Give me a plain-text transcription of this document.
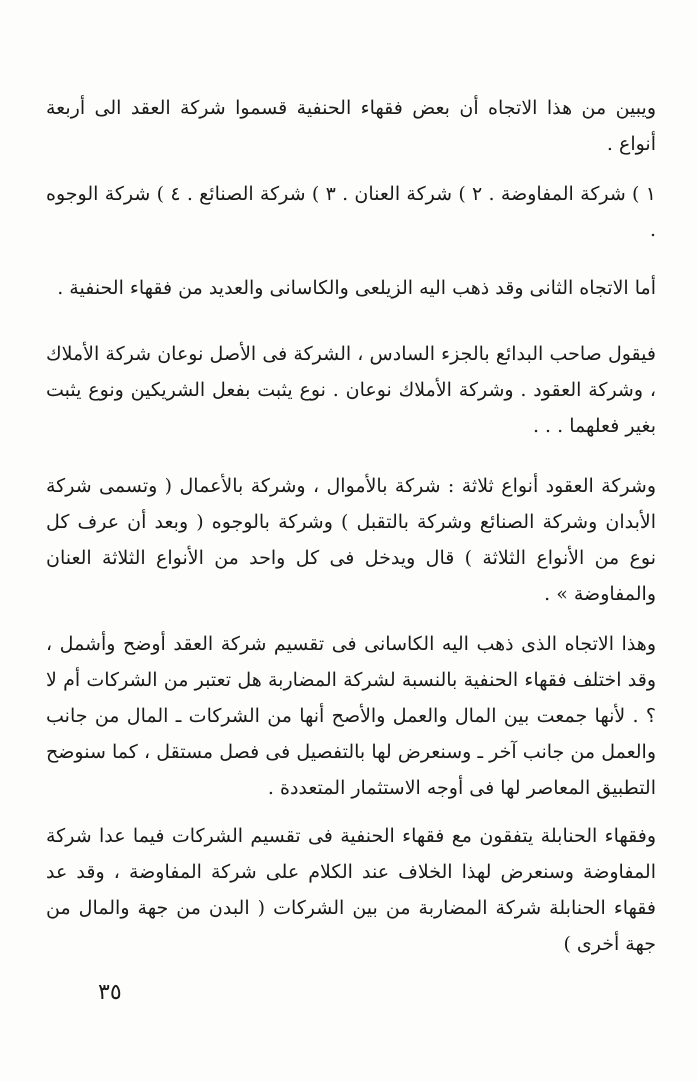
ويبين من هذا الاتجاه أن بعض فقهاء الحنفية قسموا شركة العقد الى أربعة أنواع .

١ ) شركة المفاوضة . ٢ ) شركة العنان . ٣ ) شركة الصنائع . ٤ ) شركة الوجوه .

أما الاتجاه الثانى وقد ذهب اليه الزيلعى والكاسانى والعديد من فقهاء الحنفية .

فيقول صاحب البدائع بالجزء السادس ، الشركة فى الأصل نوعان شركة الأملاك ، وشركة العقود . وشركة الأملاك نوعان . نوع يثبت بفعل الشريكين ونوع يثبت بغير فعلهما . . .

وشركة العقود أنواع ثلاثة : شركة بالأموال ، وشركة بالأعمال ( وتسمى شركة الأبدان وشركة الصنائع وشركة بالتقبل ) وشركة بالوجوه ( وبعد أن عرف كل نوع من الأنواع الثلاثة ) قال ويدخل فى كل واحد من الأنواع الثلاثة العنان والمفاوضة » .

وهذا الاتجاه الذى ذهب اليه الكاسانى فى تقسيم شركة العقد أوضح وأشمل ، وقد اختلف فقهاء الحنفية بالنسبة لشركة المضاربة هل تعتبر من الشركات أم لا ؟ . لأنها جمعت بين المال والعمل والأصح أنها من الشركات ـ المال من جانب والعمل من جانب آخر ـ وسنعرض لها بالتفصيل فى فصل مستقل ، كما سنوضح التطبيق المعاصر لها فى أوجه الاستثمار المتعددة .

وفقهاء الحنابلة يتفقون مع فقهاء الحنفية فى تقسيم الشركات فيما عدا شركة المفاوضة وسنعرض لهذا الخلاف عند الكلام على شركة المفاوضة ، وقد عد فقهاء الحنابلة شركة المضاربة من بين الشركات ( البدن من جهة والمال من جهة أخرى )

٣٥
